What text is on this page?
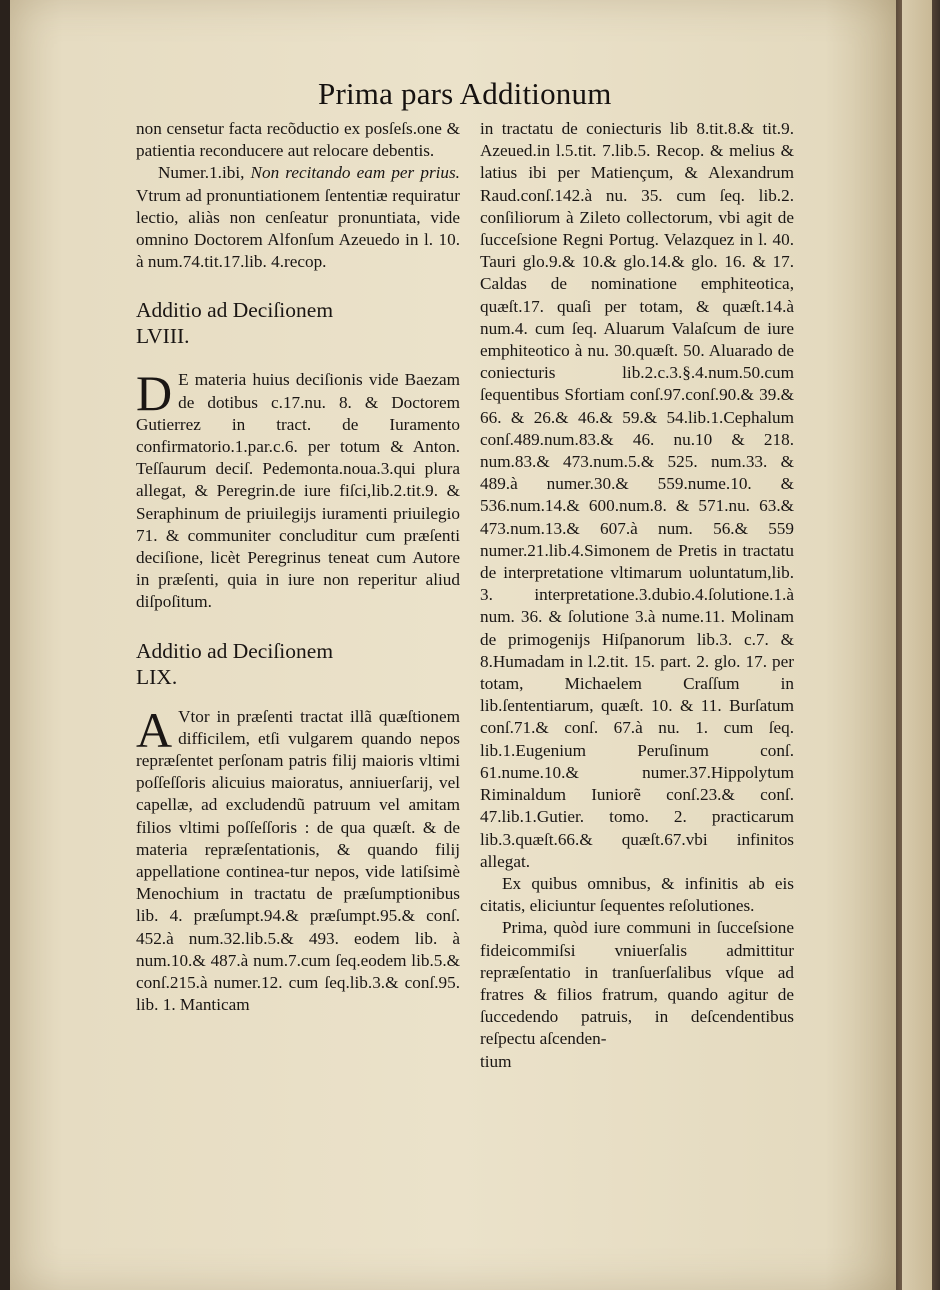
Prima pars Additionum

non censetur facta recõductio ex posſeſs.one & patientia reconducere aut relocare debentis.

Numer.1.ibi, Non recitando eam per prius. Vtrum ad pronuntiationem ſententiæ requiratur lectio, aliàs non cenſeatur pronuntiata, vide omnino Doctorem Alfonſum Azeuedo in l. 10. à num.74.tit.17.lib. 4.recop.

Additio ad Deciſionem

LVIII.

D E materia huius deciſionis vide Baezam de dotibus c.17.nu. 8. & Doctorem Gutierrez in tract. de Iuramento confirmatorio.1.par.c.6. per totum & Anton. Teſſaurum deciſ. Pedemonta.noua.3.qui plura allegat, & Peregrin.de iure fiſci,lib.2.tit.9. & Seraphinum de priuilegijs iuramenti priuilegio 71. & communiter concluditur cum præſenti deciſione, licèt Peregrinus teneat cum Autore in præſenti, quia in iure non reperitur aliud diſpoſitum.

Additio ad Deciſionem

LIX.

A Vtor in præſenti tractat illã quæſtionem difficilem, etſi vulgarem quando nepos repræſentet perſonam patris filij maioris vltimi poſſeſſoris alicuius maioratus, anniuerſarij, vel capellæ, ad excludendũ patruum vel amitam filios vltimi poſſeſſoris : de qua quæſt. & de materia repræſentationis, & quando filij appellatione continea-tur nepos, vide latiſsimè Menochium in tractatu de præſumptionibus lib. 4. præſumpt.94.& præſumpt.95.& conſ. 452.à num.32.lib.5.& 493. eodem lib. à num.10.& 487.à num.7.cum ſeq.eodem lib.5.& conſ.215.à numer.12. cum ſeq.lib.3.& conſ.95. lib. 1. Manticam

in tractatu de coniecturis lib 8.tit.8.& tit.9. Azeued.in l.5.tit. 7.lib.5. Recop. & melius & latius ibi per Matiençum, & Alexandrum Raud.conſ.142.à nu. 35. cum ſeq. lib.2. conſiliorum à Zileto collectorum, vbi agit de ſucceſsione Regni Portug. Velazquez in l. 40. Tauri glo.9.& 10.& glo.14.& glo. 16. & 17. Caldas de nominatione emphiteotica, quæſt.17. quaſi per totam, & quæſt.14.à num.4. cum ſeq. Aluarum Valaſcum de iure emphiteotico à nu. 30.quæſt. 50. Aluarado de coniecturis lib.2.c.3.§.4.num.50.cum ſequentibus Sfortiam conſ.97.conſ.90.& 39.& 66. & 26.& 46.& 59.& 54.lib.1.Cephalum conſ.489.num.83.& 46. nu.10 & 218. num.83.& 473.num.5.& 525. num.33. & 489.à numer.30.& 559.nume.10. & 536.num.14.& 600.num.8. & 571.nu. 63.& 473.num.13.& 607.à num. 56.& 559 numer.21.lib.4.Simonem de Pretis in tractatu de interpretatione vltimarum uoluntatum,lib. 3. interpretatione.3.dubio.4.ſolutione.1.à num. 36. & ſolutione 3.à nume.11. Molinam de primogenijs Hiſpanorum lib.3. c.7. & 8.Humadam in l.2.tit. 15. part. 2. glo. 17. per totam, Michaelem Craſſum in lib.ſententiarum, quæſt. 10. & 11. Burſatum conſ.71.& conſ. 67.à nu. 1. cum ſeq. lib.1.Eugenium Peruſinum conſ. 61.nume.10.& numer.37.Hippolytum Riminaldum Iuniorẽ conſ.23.& conſ. 47.lib.1.Gutier. tomo. 2. practicarum lib.3.quæſt.66.& quæſt.67.vbi infinitos allegat.

Ex quibus omnibus, & infinitis ab eis citatis, eliciuntur ſequentes reſolutiones.

Prima, quòd iure communi in ſucceſsione fideicommiſsi vniuerſalis admittitur repræſentatio in tranſuerſalibus vſque ad fratres & filios fratrum, quando agitur de ſuccedendo patruis, in deſcendentibus reſpectu aſcenden-

tium
